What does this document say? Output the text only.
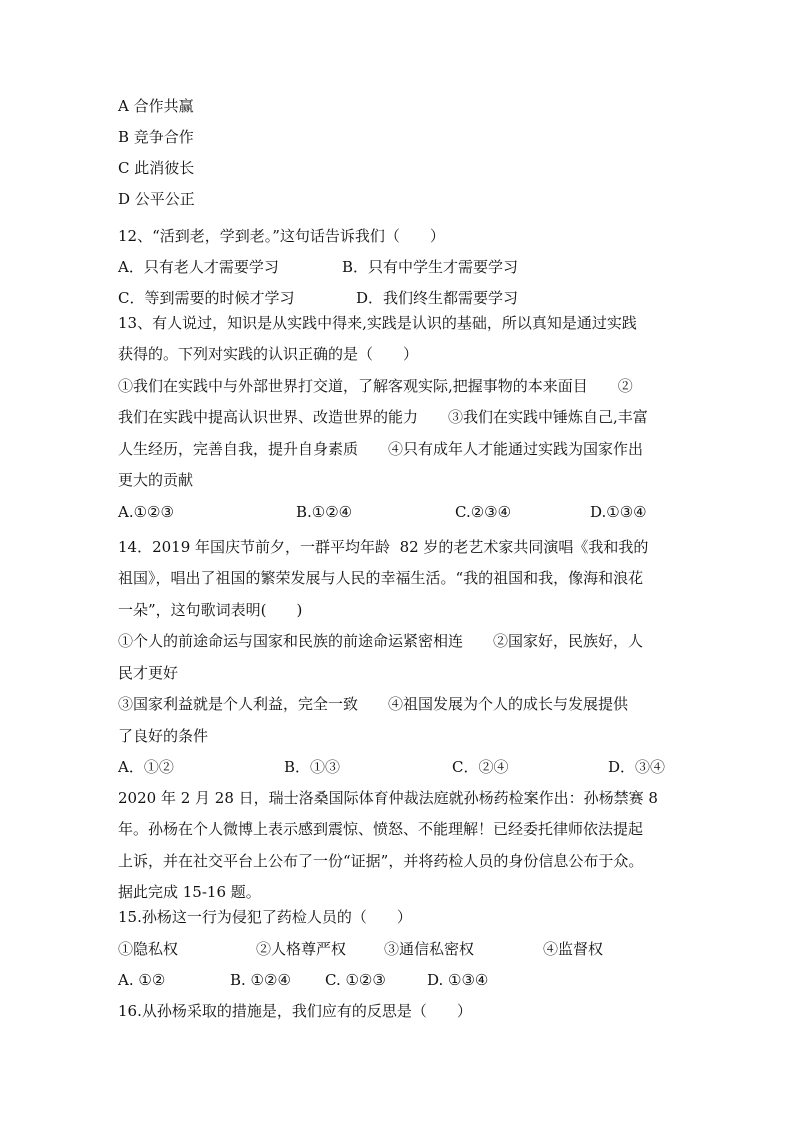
A 合作共赢
B 竞争合作
C 此消彼长
D 公平公正
12、“活到老，学到老。”这句话告诉我们（　　）
A．只有老人才需要学习	B．只有中学生才需要学习
C．等到需要的时候才学习	D．我们终生都需要学习
13、有人说过，知识是从实践中得来,实践是认识的基础，所以真知是通过实践
获得的。下列对实践的认识正确的是（　　）
①我们在实践中与外部世界打交道，了解客观实际,把握事物的本来面目　　②
我们在实践中提高认识世界、改造世界的能力　　③我们在实践中锤炼自己,丰富
人生经历，完善自我，提升自身素质　　④只有成年人才能通过实践为国家作出
更大的贡献
A.①②③	B.①②④	C.②③④	D.①③④
14．2019 年国庆节前夕，一群平均年龄  82 岁的老艺术家共同演唱《我和我的
祖国》，唱出了祖国的繁荣发展与人民的幸福生活。“我的祖国和我，像海和浪花
一朵”，这句歌词表明(　　)
①个人的前途命运与国家和民族的前途命运紧密相连　　②国家好，民族好，人
民才更好
③国家利益就是个人利益，完全一致　　④祖国发展为个人的成长与发展提供
了良好的条件
A．①②	B．①③	C．②④	D．③④
2020 年 2 月 28 日，瑞士洛桑国际体育仲裁法庭就孙杨药检案作出：孙杨禁赛 8
年。孙杨在个人微博上表示感到震惊、愤怒、不能理解！已经委托律师依法提起
上诉，并在社交平台上公布了一份“证据”，并将药检人员的身份信息公布于众。
据此完成 15-16 题。
15.孙杨这一行为侵犯了药检人员的（　　）
①隐私权	②人格尊严权	③通信私密权	④监督权
A. ①②	B. ①②④ C. ①②③	D. ①③④
16.从孙杨采取的措施是，我们应有的反思是（　　）
